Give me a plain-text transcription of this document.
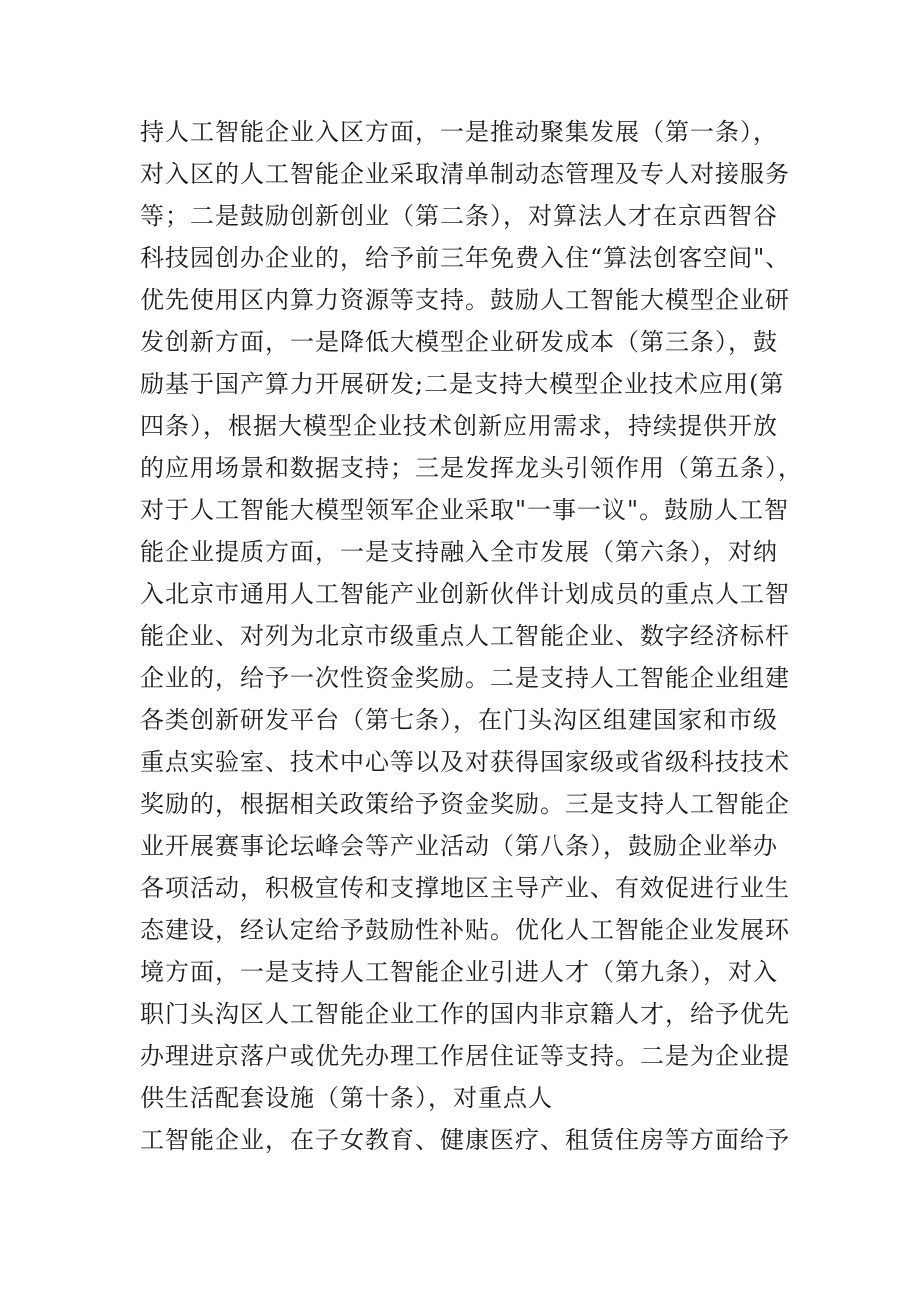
持人工智能企业入区方面，一是推动聚集发展（第一条），
对入区的人工智能企业采取清单制动态管理及专人对接服务
等；二是鼓励创新创业（第二条），对算法人才在京西智谷
科技园创办企业的，给予前三年免费入住“算法创客空间"、
优先使用区内算力资源等支持。鼓励人工智能大模型企业研
发创新方面，一是降低大模型企业研发成本（第三条），鼓
励基于国产算力开展研发;二是支持大模型企业技术应用(第
四条），根据大模型企业技术创新应用需求，持续提供开放
的应用场景和数据支持；三是发挥龙头引领作用（第五条），
对于人工智能大模型领军企业采取"一事一议"。鼓励人工智
能企业提质方面，一是支持融入全市发展（第六条），对纳
入北京市通用人工智能产业创新伙伴计划成员的重点人工智
能企业、对列为北京市级重点人工智能企业、数字经济标杆
企业的，给予一次性资金奖励。二是支持人工智能企业组建
各类创新研发平台（第七条），在门头沟区组建国家和市级
重点实验室、技术中心等以及对获得国家级或省级科技技术
奖励的，根据相关政策给予资金奖励。三是支持人工智能企
业开展赛事论坛峰会等产业活动（第八条），鼓励企业举办
各项活动，积极宣传和支撑地区主导产业、有效促进行业生
态建设，经认定给予鼓励性补贴。优化人工智能企业发展环
境方面，一是支持人工智能企业引进人才（第九条），对入
职门头沟区人工智能企业工作的国内非京籍人才，给予优先
办理进京落户或优先办理工作居住证等支持。二是为企业提
供生活配套设施（第十条），对重点人
工智能企业，在子女教育、健康医疗、租赁住房等方面给予
